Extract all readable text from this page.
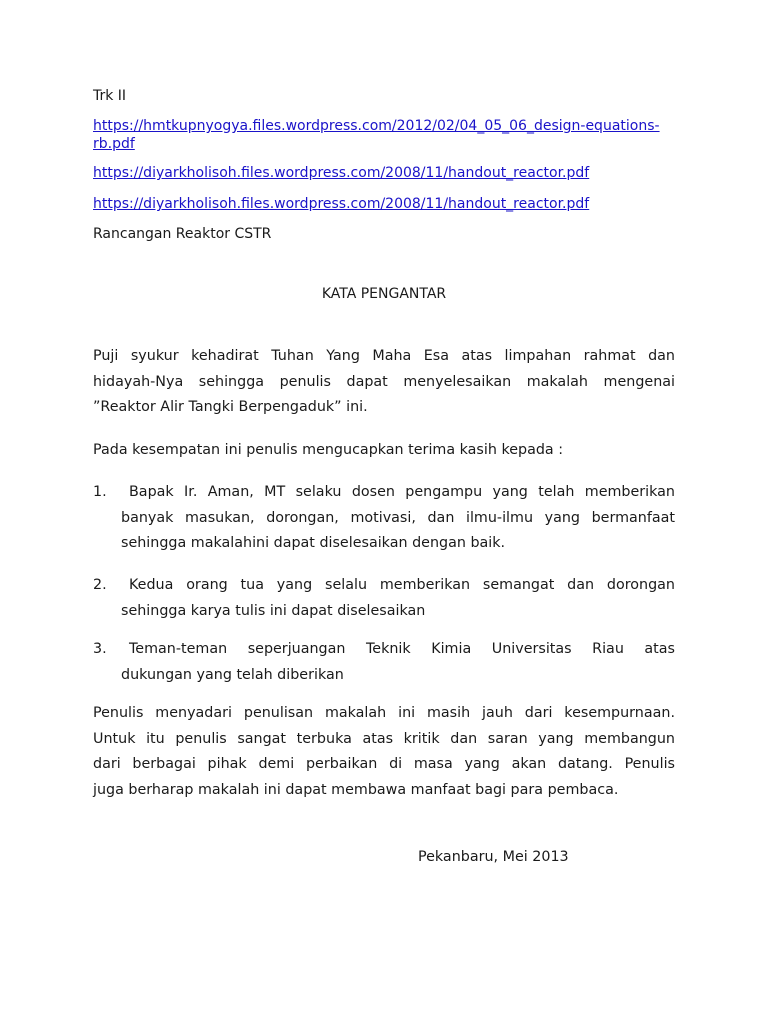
Trk II
https://hmtkupnyogya.files.wordpress.com/2012/02/04_05_06_design-equations-
rb.pdf
https://diyarkholisoh.files.wordpress.com/2008/11/handout_reactor.pdf
https://diyarkholisoh.files.wordpress.com/2008/11/handout_reactor.pdf
Rancangan Reaktor CSTR
KATA PENGANTAR
Puji syukur kehadirat Tuhan Yang Maha Esa atas limpahan rahmat dan
hidayah-Nya sehingga penulis dapat menyelesaikan makalah mengenai
”Reaktor Alir Tangki Berpengaduk” ini.
Pada kesempatan ini penulis mengucapkan terima kasih kepada :
1. Bapak Ir. Aman, MT selaku dosen pengampu yang telah memberikan
banyak masukan, dorongan, motivasi, dan ilmu-ilmu yang bermanfaat
sehingga makalahini dapat diselesaikan dengan baik.
2. Kedua orang tua yang selalu memberikan semangat dan dorongan
sehingga karya tulis ini dapat diselesaikan
3. Teman-teman seperjuangan Teknik Kimia Universitas Riau atas
dukungan yang telah diberikan
Penulis menyadari penulisan makalah ini masih jauh dari kesempurnaan.
Untuk itu penulis sangat terbuka atas kritik dan saran yang membangun
dari berbagai pihak demi perbaikan di masa yang akan datang. Penulis
juga berharap makalah ini dapat membawa manfaat bagi para pembaca.
Pekanbaru, Mei 2013
